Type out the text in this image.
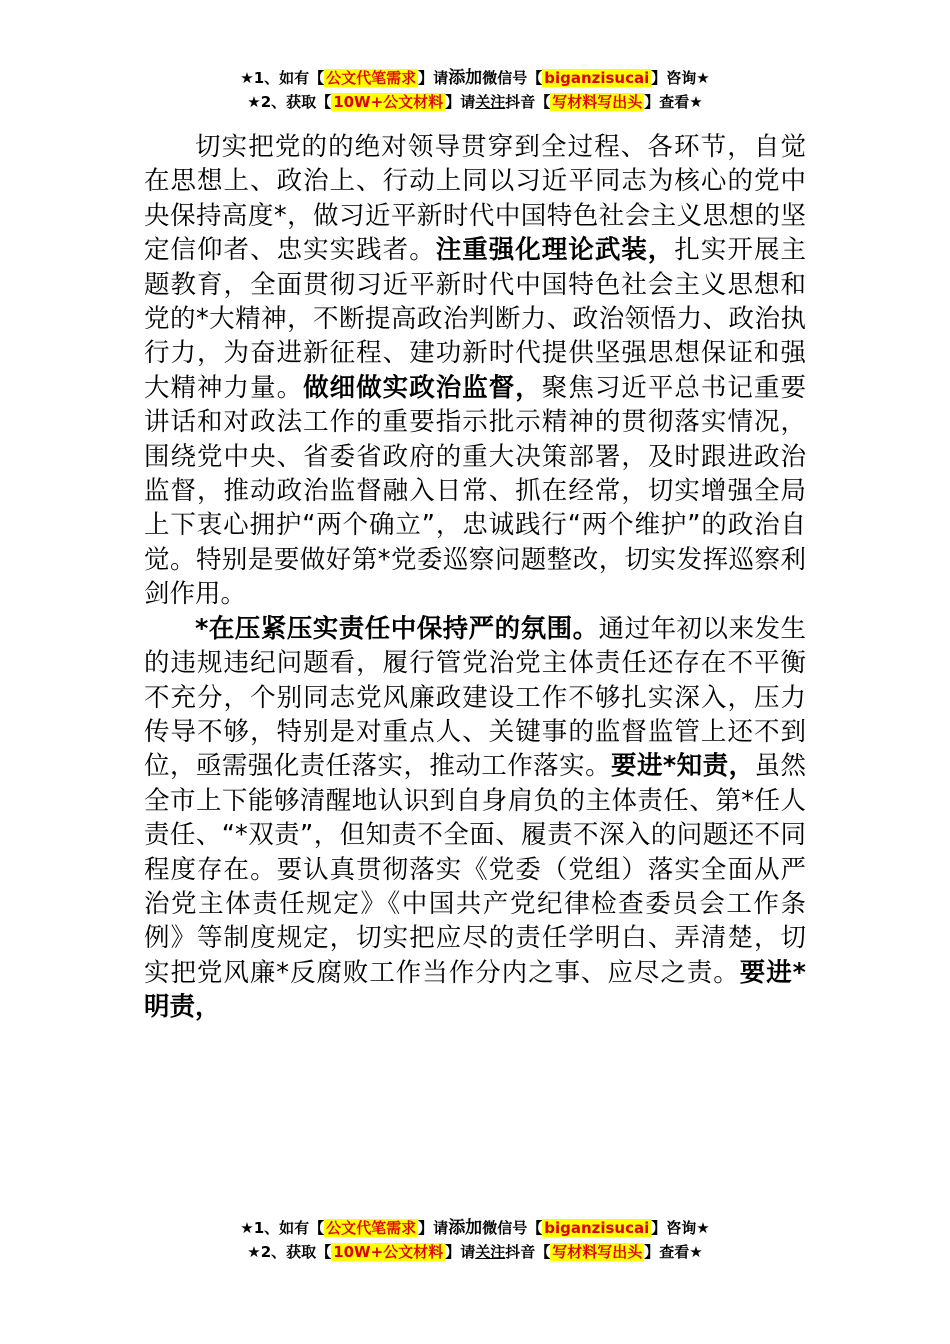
★1、如有【 公文代笔需求 】请添加微信号【 biganzisucai 】咨询★
★2、获取【 10W+公文材料 】请关注抖音【 写材料写出头 】查看★

切实把党的的绝对领导贯穿到全过程、各环节，自觉在思想上、政治上、行动上同以习近平同志为核心的党中央保持高度*，做习近平新时代中国特色社会主义思想的坚定信仰者、忠实实践者。注重强化理论武装，扎实开展主题教育，全面贯彻习近平新时代中国特色社会主义思想和党的*大精神，不断提高政治判断力、政治领悟力、政治执行力，为奋进新征程、建功新时代提供坚强思想保证和强大精神力量。做细做实政治监督，聚焦习近平总书记重要讲话和对政法工作的重要指示批示精神的贯彻落实情况，围绕党中央、省委省政府的重大决策部署，及时跟进政治监督，推动政治监督融入日常、抓在经常，切实增强全局上下衷心拥护“两个确立”，忠诚践行“两个维护”的政治自觉。特别是要做好第*党委巡察问题整改，切实发挥巡察利剑作用。

*在压紧压实责任中保持严的氛围。通过年初以来发生的违规违纪问题看，履行管党治党主体责任还存在不平衡不充分，个别同志党风廉政建设工作不够扎实深入，压力传导不够，特别是对重点人、关键事的监督监管上还不到位，亟需强化责任落实，推动工作落实。要进*知责，虽然全市上下能够清醒地认识到自身肩负的主体责任、第*任人责任、“*双责”，但知责不全面、履责不深入的问题还不同程度存在。要认真贯彻落实《党委（党组）落实全面从严治党主体责任规定》《中国共产党纪律检查委员会工作条例》等制度规定，切实把应尽的责任学明白、弄清楚，切实把党风廉*反腐败工作当作分内之事、应尽之责。要进*明责，

★1、如有【 公文代笔需求 】请添加微信号【 biganzisucai 】咨询★
★2、获取【 10W+公文材料 】请关注抖音【 写材料写出头 】查看★
